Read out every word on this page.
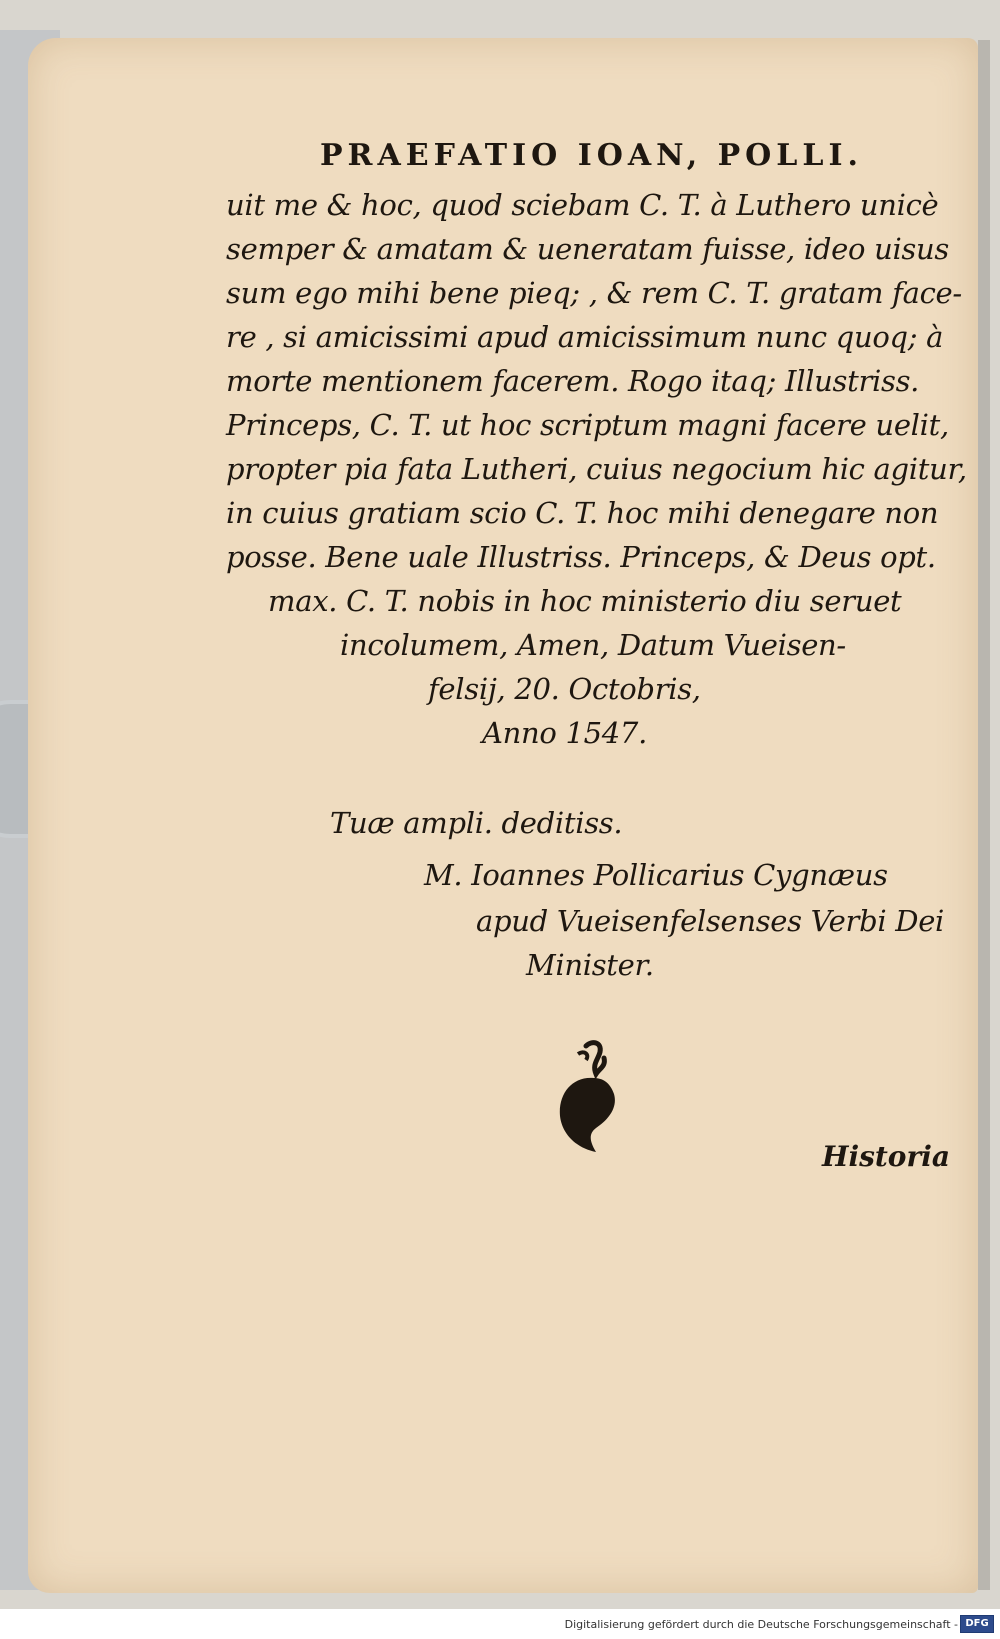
PRAEFATIO IOAN, POLLI.
uit me & hoc, quod sciebam C. T. à Luthero unicè
semper & amatam & ueneratam fuisse, ideo uisus
sum ego mihi bene pieq; , & rem C. T. gratam face-
re , si amicissimi apud amicissimum nunc quoq; à
morte mentionem facerem. Rogo itaq; Illustriss.
Princeps, C. T. ut hoc scriptum magni facere uelit,
propter pia fata Lutheri, cuius negocium hic agitur,
in cuius gratiam scio C. T. hoc mihi denegare non
posse. Bene uale Illustriss. Princeps, & Deus opt.
max. C. T. nobis in hoc ministerio diu seruet
incolumem, Amen, Datum Vueisen-
felsij, 20. Octobris,
Anno 1547.
Tuæ ampli. deditiss.
M. Ioannes Pollicarius Cygnæus
apud Vueisenfelsenses Verbi Dei
Minister.
Historia
Digitalisierung gefördert durch die Deutsche Forschungsgemeinschaft - DFG
